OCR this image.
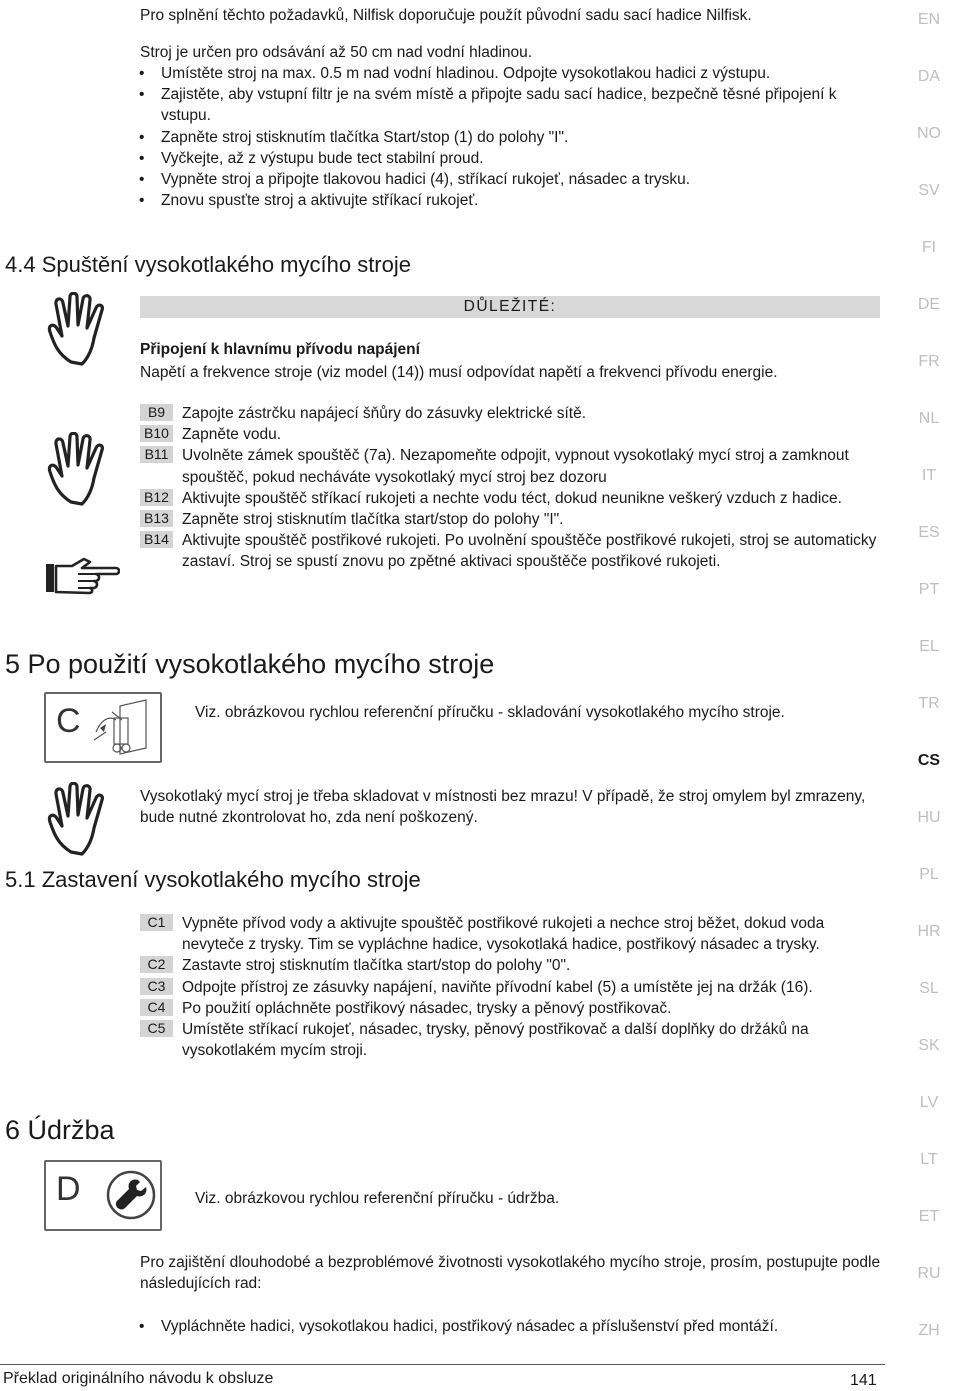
Pro splnění těchto požadavků, Nilfisk doporučuje použít původní sadu sací hadice Nilfisk.

Stroj je určen pro odsávání až 50 cm nad vodní hladinou.

• Umístěte stroj na max. 0.5 m nad vodní hladinou. Odpojte vysokotlakou hadici z výstupu.
• Zajistěte, aby vstupní filtr je na svém místě a připojte sadu sací hadice, bezpečně těsné připojení k vstupu.
• Zapněte stroj stisknutím tlačítka Start/stop (1) do polohy "I".
• Vyčkejte, až z výstupu bude tect stabilní proud.
• Vypněte stroj a připojte tlakovou hadici (4), stříkací rukojeť, násadec a trysku.
• Znovu spusťte stroj a aktivujte stříkací rukojeť.
4.4 Spuštění vysokotlakého mycího stroje
DŮLEŽITÉ:

Připojení k hlavnímu přívodu napájení

Napětí a frekvence stroje (viz model (14)) musí odpovídat napětí a frekvenci přívodu energie.

B9	Zapojte zástrčku napájecí šňůry do zásuvky elektrické sítě.
B10 Zapněte vodu.
B11 Uvolněte zámek spouštěč (7a). Nezapomeňte odpojit, vypnout vysokotlaký mycí stroj a zamknout spouštěč, pokud necháváte vysokotlaký mycí stroj bez dozoru
B12 Aktivujte spouštěč stříkací rukojeti a nechte vodu téct, dokud neunikne veškerý vzduch z hadice.
B13 Zapněte stroj stisknutím tlačítka start/stop do polohy "I".
B14 Aktivujte spouštěč postřikové rukojeti. Po uvolnění spouštěče postřikové rukojeti, stroj se automaticky zastaví. Stroj se spustí znovu po zpětné aktivaci spouštěče postřikové rukojeti.
5 Po použití vysokotlakého mycího stroje
C	Viz. obrázkovou rychlou referenční příručku - skladování vysokotlakého mycího stroje.

Vysokotlaký mycí stroj je třeba skladovat v místnosti bez mrazu! V případě, že stroj omylem byl zmrazeny, bude nutné zkontrolovat ho, zda není poškozený.

5.1 Zastavení vysokotlakého mycího stroje
C1	Vypněte přívod vody a aktivujte spouštěč postřikové rukojeti a nechce stroj běžet, dokud voda nevyteče z trysky. Tim se vypláchne hadice, vysokotlaká hadice, postřikový násadec a trysky.
C2	Zastavte stroj stisknutím tlačítka start/stop do polohy "0".
C3	Odpojte přístroj ze zásuvky napájení, naviňte přívodní kabel (5) a umístěte jej na držák (16).
C4	Po použití opláchněte postřikový násadec, trysky a pěnový postřikovač.
C5	Umístěte stříkací rukojeť, násadec, trysky, pěnový postřikovač a další doplňky do držáků na vysokotlakém mycím stroji.
6 Údržba
D	Viz. obrázkovou rychlou referenční příručku - údržba.

Pro zajištění dlouhodobé a bezproblémové životnosti vysokotlakého mycího stroje, prosím, postupujte podle následujících rad:

• Vypláchněte hadici, vysokotlakou hadici, postřikový násadec a příslušenství před montáží.
Překlad originálního návodu k obsluze	141
EN
DA
NO
SV
FI
DE
FR
NL
IT
ES
PT
EL
TR
CS
HU
PL
HR
SL
SK
LV
LT
ET
RU
ZH
